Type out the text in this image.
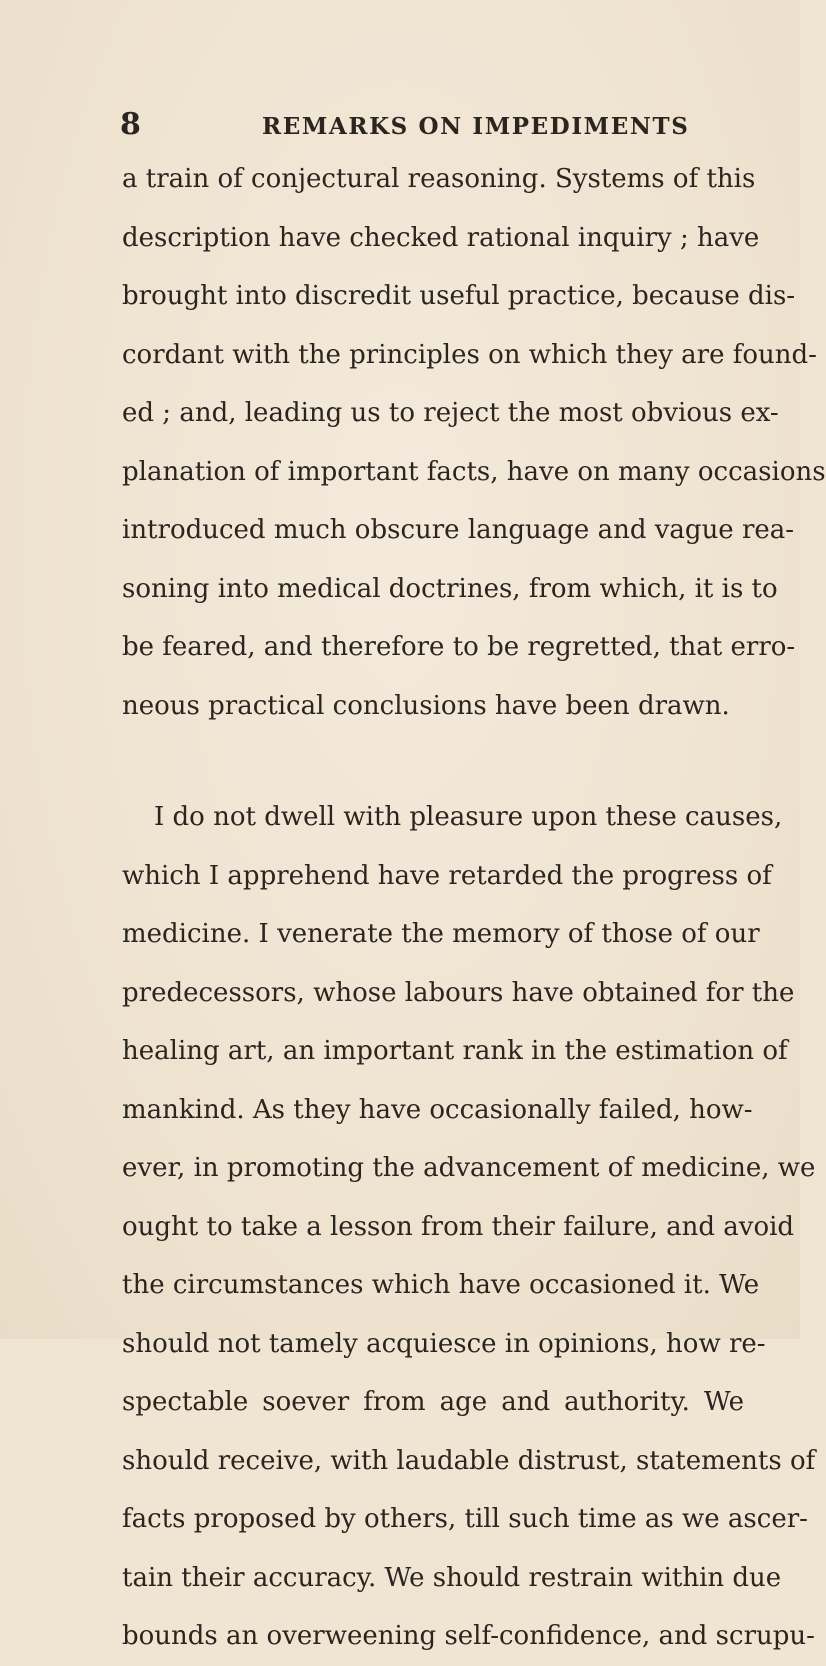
8	REMARKS ON IMPEDIMENTS
a train of conjectural reasoning. Systems of this
description have checked rational inquiry ; have
brought into discredit useful practice, because dis-
cordant with the principles on which they are found-
ed ; and, leading us to reject the most obvious ex-
planation of important facts, have on many occasions
introduced much obscure language and vague rea-
soning into medical doctrines, from which, it is to
be feared, and therefore to be regretted, that erro-
neous practical conclusions have been drawn.
I do not dwell with pleasure upon these causes,
which I apprehend have retarded the progress of
medicine. I venerate the memory of those of our
predecessors, whose labours have obtained for the
healing art, an important rank in the estimation of
mankind. As they have occasionally failed, how-
ever, in promoting the advancement of medicine, we
ought to take a lesson from their failure, and avoid
the circumstances which have occasioned it. We
should not tamely acquiesce in opinions, how re-
spectable soever from age and authority. We
should receive, with laudable distrust, statements of
facts proposed by others, till such time as we ascer-
tain their accuracy. We should restrain within due
bounds an overweening self-confidence, and scrupu-
